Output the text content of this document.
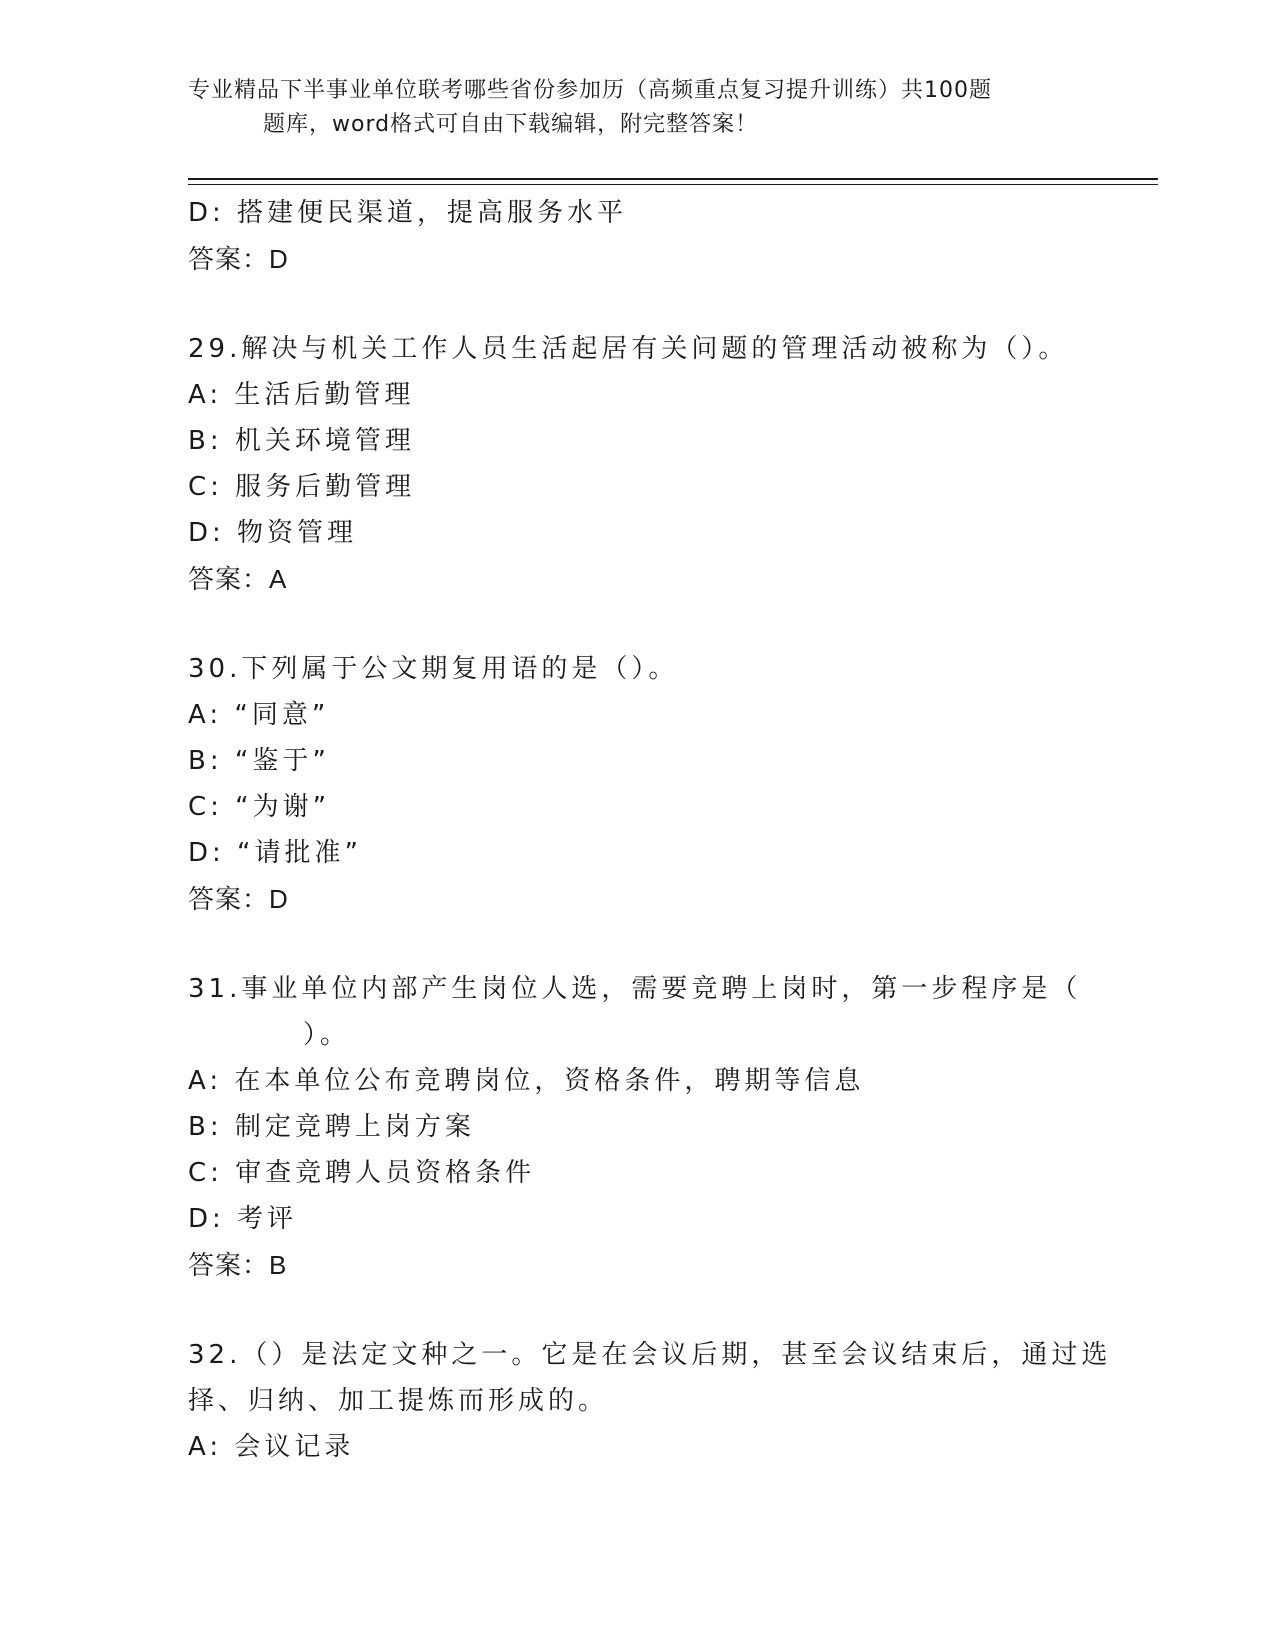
专业精品下半事业单位联考哪些省份参加历（高频重点复习提升训练）共100题
题库，word格式可自由下载编辑，附完整答案！
D: 搭建便民渠道，提高服务水平
答案：D
29.解决与机关工作人员生活起居有关问题的管理活动被称为（）。
A: 生活后勤管理
B: 机关环境管理
C: 服务后勤管理
D: 物资管理
答案：A
30.下列属于公文期复用语的是（）。
A: “同意”
B: “鉴于”
C: “为谢”
D: “请批准”
答案：D
31.事业单位内部产生岗位人选，需要竞聘上岗时，第一步程序是（
）。
A: 在本单位公布竞聘岗位，资格条件，聘期等信息
B: 制定竞聘上岗方案
C: 审查竞聘人员资格条件
D: 考评
答案：B
32.（）是法定文种之一。它是在会议后期，甚至会议结束后，通过选
择、归纳、加工提炼而形成的。
A: 会议记录
